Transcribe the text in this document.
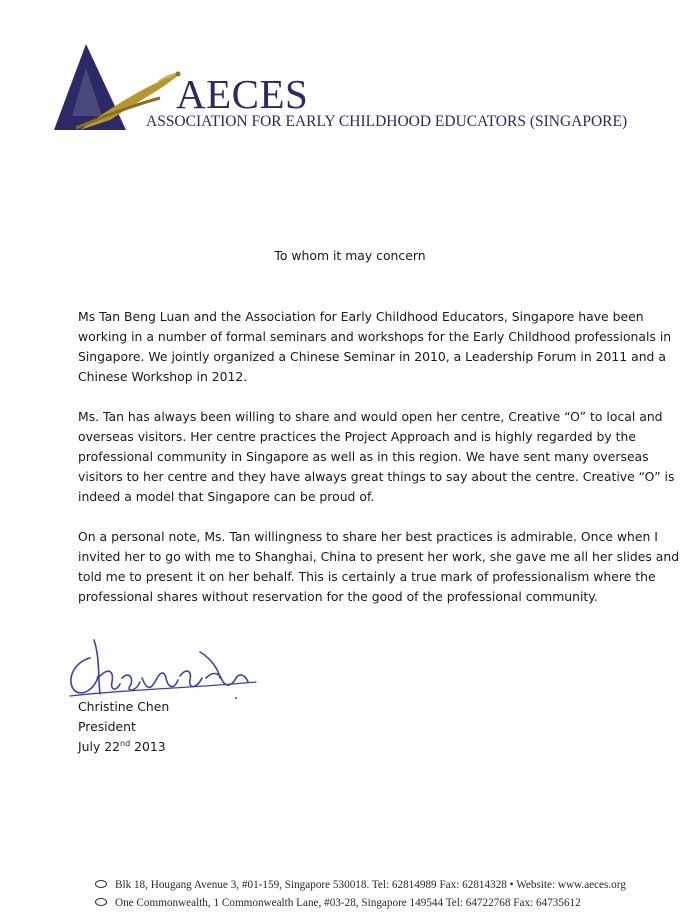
AECES
ASSOCIATION FOR EARLY CHILDHOOD EDUCATORS (SINGAPORE)
To whom it may concern

Ms Tan Beng Luan and the Association for Early Childhood Educators, Singapore have been working in a number of formal seminars and workshops for the Early Childhood professionals in Singapore. We jointly organized a Chinese Seminar in 2010, a Leadership Forum in 2011 and a Chinese Workshop in 2012.

Ms. Tan has always been willing to share and would open her centre, Creative “O” to local and overseas visitors. Her centre practices the Project Approach and is highly regarded by the professional community in Singapore as well as in this region. We have sent many overseas visitors to her centre and they have always great things to say about the centre. Creative “O” is indeed a model that Singapore can be proud of.

On a personal note, Ms. Tan willingness to share her best practices is admirable. Once when I invited her to go with me to Shanghai, China to present her work, she gave me all her slides and told me to present it on her behalf. This is certainly a true mark of professionalism where the professional shares without reservation for the good of the professional community.

Christine Chen
President
July 22nd 2013
Blk 18, Hougang Avenue 3, #01-159, Singapore 530018. Tel: 62814989 Fax: 62814328 • Website: www.aeces.org
One Commonwealth, 1 Commonwealth Lane, #03-28, Singapore 149544 Tel: 64722768 Fax: 64735612
